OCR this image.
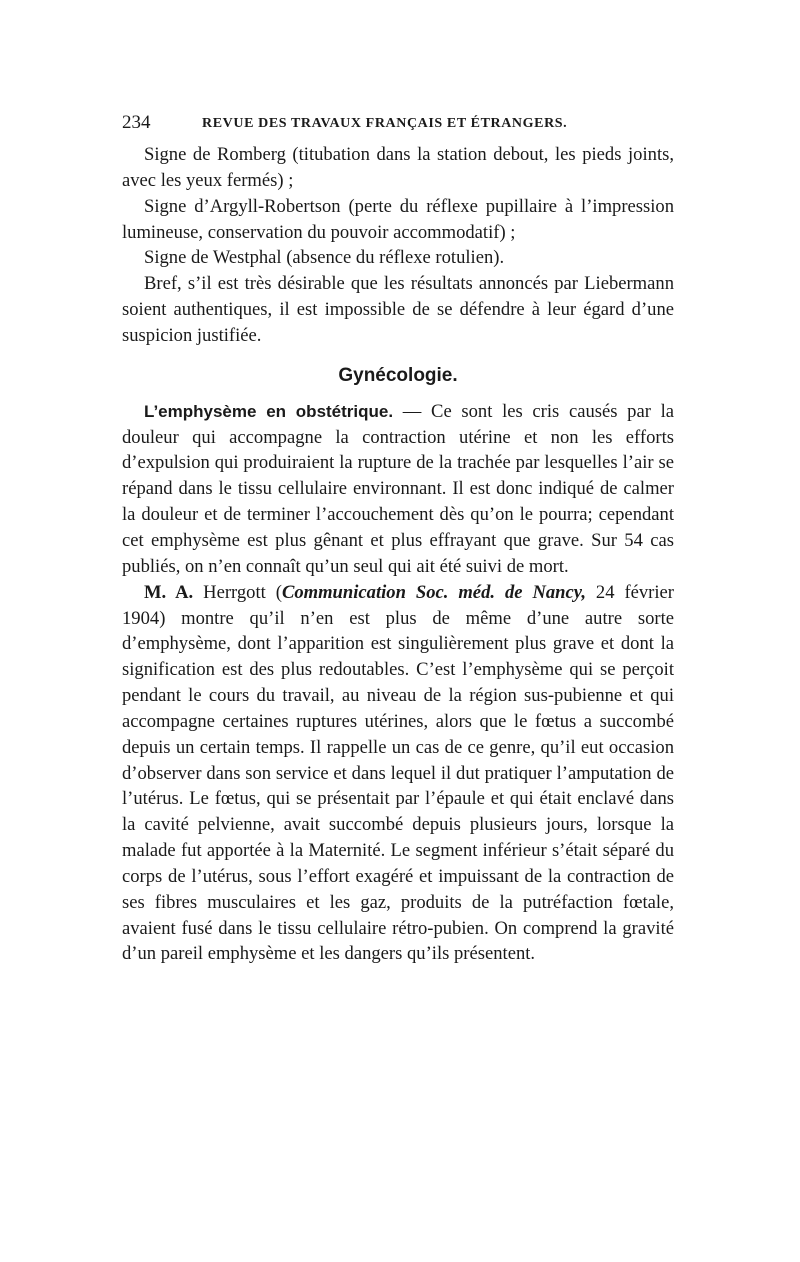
234	REVUE DES TRAVAUX FRANÇAIS ET ÉTRANGERS.

Signe de Romberg (titubation dans la station debout, les pieds joints, avec les yeux fermés) ;

Signe d’Argyll-Robertson (perte du réflexe pupillaire à l’impression lumineuse, conservation du pouvoir accommodatif) ;

Signe de Westphal (absence du réflexe rotulien).

Bref, s’il est très désirable que les résultats annoncés par Liebermann soient authentiques, il est impossible de se défendre à leur égard d’une suspicion justifiée.

Gynécologie.

L’emphysème en obstétrique. — Ce sont les cris causés par la douleur qui accompagne la contraction utérine et non les efforts d’expulsion qui produiraient la rupture de la trachée par lesquelles l’air se répand dans le tissu cellulaire environnant. Il est donc indiqué de calmer la douleur et de terminer l’accouchement dès qu’on le pourra; cependant cet emphysème est plus gênant et plus effrayant que grave. Sur 54 cas publiés, on n’en connaît qu’un seul qui ait été suivi de mort.

M. A. Herrgott (Communication Soc. méd. de Nancy, 24 février 1904) montre qu’il n’en est plus de même d’une autre sorte d’emphysème, dont l’apparition est singulièrement plus grave et dont la signification est des plus redoutables. C’est l’emphysème qui se perçoit pendant le cours du travail, au niveau de la région sus-pubienne et qui accompagne certaines ruptures utérines, alors que le fœtus a succombé depuis un certain temps. Il rappelle un cas de ce genre, qu’il eut occasion d’observer dans son service et dans lequel il dut pratiquer l’amputation de l’utérus. Le fœtus, qui se présentait par l’épaule et qui était enclavé dans la cavité pelvienne, avait succombé depuis plusieurs jours, lorsque la malade fut apportée à la Maternité. Le segment inférieur s’était séparé du corps de l’utérus, sous l’effort exagéré et impuissant de la contraction de ses fibres musculaires et les gaz, produits de la putréfaction fœtale, avaient fusé dans le tissu cellulaire rétro-pubien. On comprend la gravité d’un pareil emphysème et les dangers qu’ils présentent.
